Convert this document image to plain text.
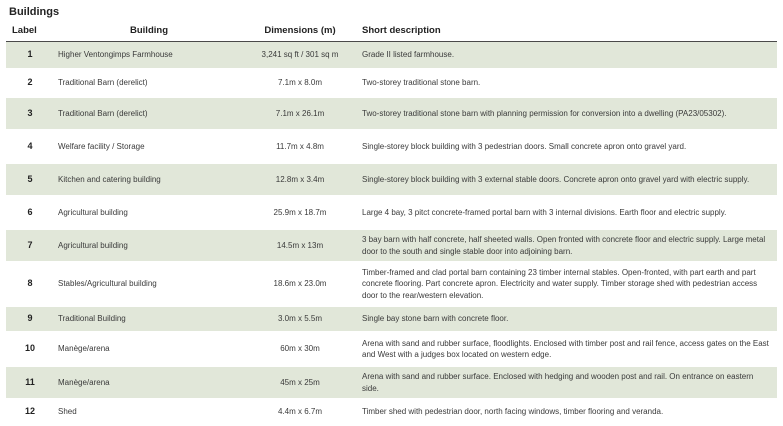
Buildings
Label	Building	Dimensions (m)	Short description
1	Higher Ventongimps Farmhouse	3,241 sq ft / 301 sq m	Grade II listed farmhouse.
2	Traditional Barn (derelict)	7.1m x 8.0m	Two-storey traditional stone barn.
3	Traditional Barn (derelict)	7.1m x 26.1m	Two-storey traditional stone barn with planning permission for conversion into a dwelling (PA23/05302).
4	Welfare facility / Storage	11.7m x 4.8m	Single-storey block building with 3 pedestrian doors. Small concrete apron onto gravel yard.
5	Kitchen and catering building	12.8m x 3.4m	Single-storey block building with 3 external stable doors. Concrete apron onto gravel yard with electric supply.
6	Agricultural building	25.9m x 18.7m	Large 4 bay, 3 pitct concrete-framed portal barn with 3 internal divisions. Earth floor and electric supply.
7	Agricultural building	14.5m x 13m	3 bay barn with half concrete, half sheeted walls. Open fronted with concrete floor and electric supply. Large metal door to the south and single stable door into adjoining barn.
8	Stables/Agricultural building	18.6m x 23.0m	Timber-framed and clad portal barn containing 23 timber internal stables. Open-fronted, with part earth and part concrete flooring. Part concrete apron. Electricity and water supply. Timber storage shed with pedestrian access door to the rear/western elevation.
9	Traditional Building	3.0m x 5.5m	Single bay stone barn with concrete floor.
10	Manège/arena	60m x 30m	Arena with sand and rubber surface, floodlights. Enclosed with timber post and rail fence, access gates on the East and West with a judges box located on western edge.
11	Manège/arena	45m x 25m	Arena with sand and rubber surface. Enclosed with hedging and wooden post and rail. On entrance on eastern side.
12	Shed	4.4m x 6.7m	Timber shed with pedestrian door, north facing windows, timber flooring and veranda.
